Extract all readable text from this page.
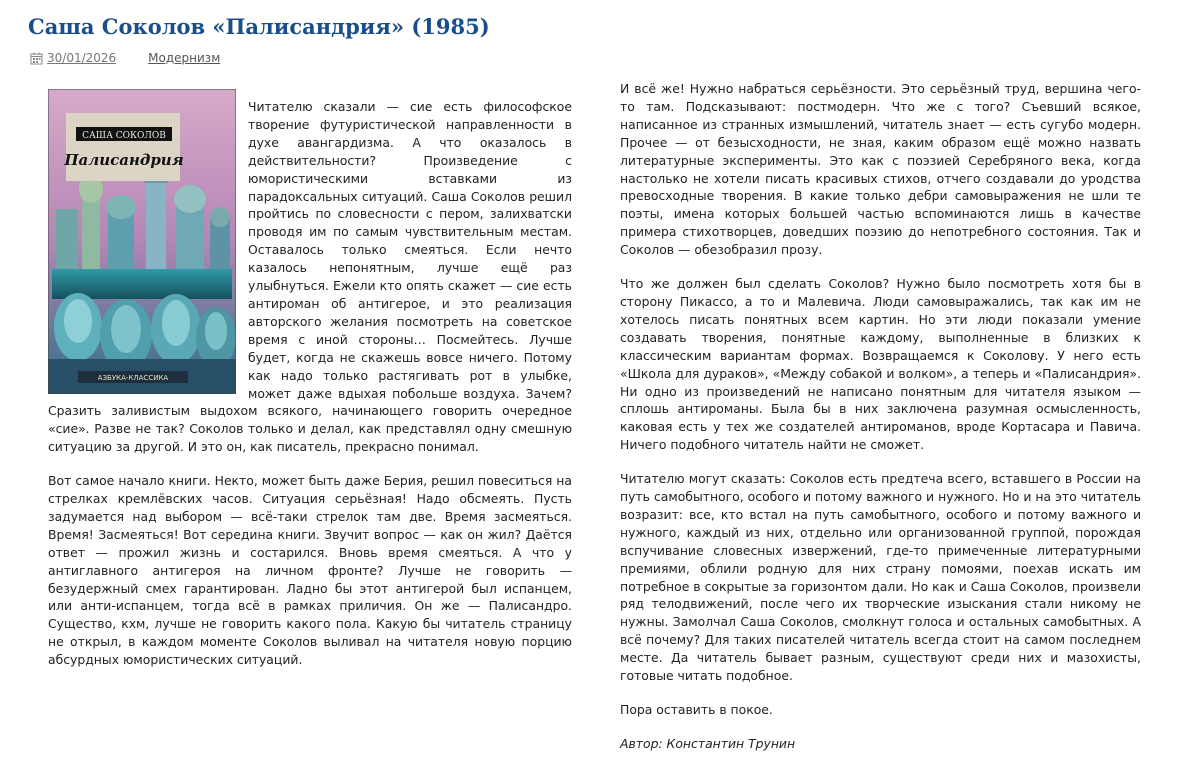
Саша Соколов «Палисандрия» (1985)
30/01/2026	Модернизм
САША СОКОЛОВ
Палисандрия
АЗБУКА-КЛАССИКА

Читателю сказали — сие есть философское творение футуристической направленности в духе авангардизма. А что оказалось в действительности? Произведение с юмористическими вставками из парадоксальных ситуаций. Саша Соколов решил пройтись по словесности с пером, залихватски проводя им по самым чувствительным местам. Оставалось только смеяться. Если нечто казалось непонятным, лучше ещё раз улыбнуться. Ежели кто опять скажет — сие есть антироман об антигерое, и это реализация авторского желания посмотреть на советское время с иной стороны… Посмейтесь. Лучше будет, когда не скажешь вовсе ничего. Потому как надо только растягивать рот в улыбке, может даже вдыхая побольше воздуха. Зачем? Сразить заливистым выдохом всякого, начинающего говорить очередное «сие». Разве не так? Соколов только и делал, как представлял одну смешную ситуацию за другой. И это он, как писатель, прекрасно понимал.

Вот самое начало книги. Некто, может быть даже Берия, решил повеситься на стрелках кремлёвских часов. Ситуация серьёзная! Надо обсмеять. Пусть задумается над выбором — всё-таки стрелок там две. Время засмеяться. Время! Засмеяться! Вот середина книги. Звучит вопрос — как он жил? Даётся ответ — прожил жизнь и состарился. Вновь время смеяться. А что у антиглавного антигероя на личном фронте? Лучше не говорить — безудержный смех гарантирован. Ладно бы этот антигерой был испанцем, или анти-испанцем, тогда всё в рамках приличия. Он же — Палисандро. Существо, кхм, лучше не говорить какого пола. Какую бы читатель страницу не открыл, в каждом моменте Соколов выливал на читателя новую порцию абсурдных юмористических ситуаций.

И всё же! Нужно набраться серьёзности. Это серьёзный труд, вершина чего-то там. Подсказывают: постмодерн. Что же с того? Съевший всякое, написанное из странных измышлений, читатель знает — есть сугубо модерн. Прочее — от безысходности, не зная, каким образом ещё можно назвать литературные эксперименты. Это как с поэзией Серебряного века, когда настолько не хотели писать красивых стихов, отчего создавали до уродства превосходные творения. В какие только дебри самовыражения не шли те поэты, имена которых большей частью вспоминаются лишь в качестве примера стихотворцев, доведших поэзию до непотребного состояния. Так и Соколов — обезобразил прозу.

Что же должен был сделать Соколов? Нужно было посмотреть хотя бы в сторону Пикассо, а то и Малевича. Люди самовыражались, так как им не хотелось писать понятных всем картин. Но эти люди показали умение создавать творения, понятные каждому, выполненные в близких к классическим вариантам формах. Возвращаемся к Соколову. У него есть «Школа для дураков», «Между собакой и волком», а теперь и «Палисандрия». Ни одно из произведений не написано понятным для читателя языком — сплошь антироманы. Была бы в них заключена разумная осмысленность, каковая есть у тех же создателей антироманов, вроде Кортасара и Павича. Ничего подобного читатель найти не сможет.

Читателю могут сказать: Соколов есть предтеча всего, вставшего в России на путь самобытного, особого и потому важного и нужного. Но и на это читатель возразит: все, кто встал на путь самобытного, особого и потому важного и нужного, каждый из них, отдельно или организованной группой, порождая вспучивание словесных извержений, где-то примеченные литературными премиями, облили родную для них страну помоями, поехав искать им потребное в сокрытые за горизонтом дали. Но как и Саша Соколов, произвели ряд телодвижений, после чего их творческие изыскания стали никому не нужны. Замолчал Саша Соколов, смолкнут голоса и остальных самобытных. А всё почему? Для таких писателей читатель всегда стоит на самом последнем месте. Да читатель бывает разным, существуют среди них и мазохисты, готовые читать подобное.

Пора оставить в покое.

Автор: Константин Трунин
